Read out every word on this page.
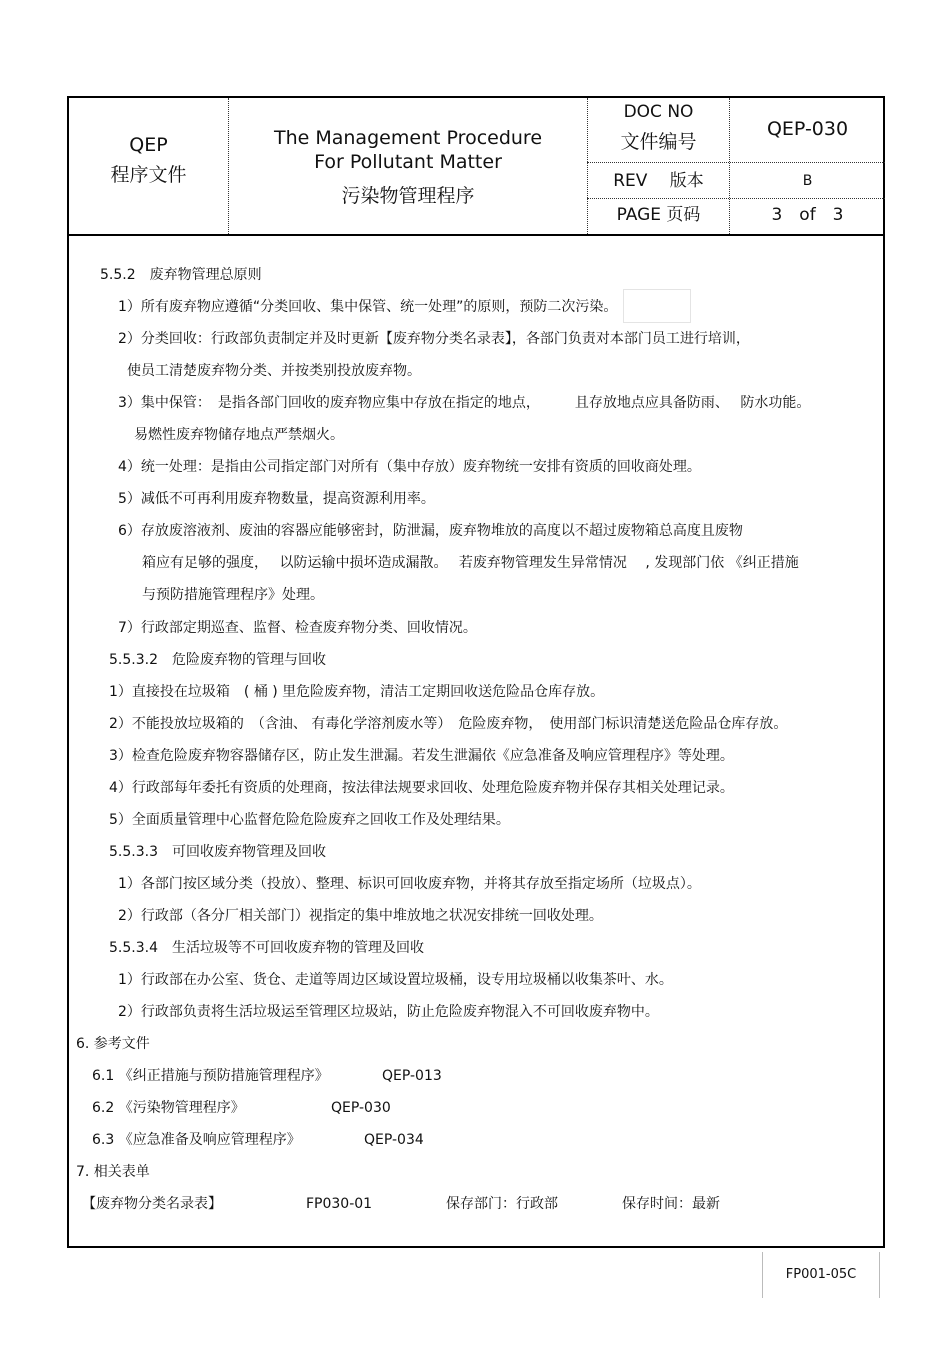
QEP
程序文件
The Management Procedure
For Pollutant Matter
污染物管理程序
DOC NO
文件编号
QEP-030
REV　 版本	B
PAGE 页码	3　of　3
5.5.2　废弃物管理总原则
1）所有废弃物应遵循“分类回收、集中保管、统一处理”的原则，预防二次污染。
2）分类回收：行政部负责制定并及时更新【废弃物分类名录表】，各部门负责对本部门员工进行培训，
使员工清楚废弃物分类、并按类别投放废弃物。
3）集中保管：　是指各部门回收的废弃物应集中存放在指定的地点，　　　且存放地点应具备防雨、　 防水功能。
易燃性废弃物储存地点严禁烟火。
4）统一处理：是指由公司指定部门对所有（集中存放）废弃物统一安排有资质的回收商处理。
5）减低不可再利用废弃物数量，提高资源利用率。
6）存放废溶液剂、废油的容器应能够密封，防泄漏，废弃物堆放的高度以不超过废物箱总高度且废物
箱应有足够的强度，　 以防运输中损坏造成漏散。　 若废弃物管理发生异常情况　 , 发现部门依 《纠正措施
与预防措施管理程序》处理。
7）行政部定期巡查、监督、检查废弃物分类、回收情况。
5.5.3.2　危险废弃物的管理与回收
1）直接投在垃圾箱　( 桶 ) 里危险废弃物，清洁工定期回收送危险品仓库存放。
2）不能投放垃圾箱的　（含油、 有毒化学溶剂废水等）　危险废弃物，　使用部门标识清楚送危险品仓库存放。
3）检查危险废弃物容器储存区，防止发生泄漏。若发生泄漏依《应急准备及响应管理程序》等处理。
4）行政部每年委托有资质的处理商，按法律法规要求回收、处理危险废弃物并保存其相关处理记录。
5）全面质量管理中心监督危险危险废弃之回收工作及处理结果。
5.5.3.3　可回收废弃物管理及回收
1）各部门按区域分类（投放）、整理、标识可回收废弃物，并将其存放至指定场所（垃圾点）。
2）行政部（各分厂相关部门）视指定的集中堆放地之状况安排统一回收处理。
5.5.3.4　生活垃圾等不可回收废弃物的管理及回收
1）行政部在办公室、货仓、走道等周边区域设置垃圾桶，设专用垃圾桶以收集茶叶、水。
2）行政部负责将生活垃圾运至管理区垃圾站，防止危险废弃物混入不可回收废弃物中。
6. 参考文件
6.1 《纠正措施与预防措施管理程序》	QEP-013
6.2 《污染物管理程序》	QEP-030
6.3 《应急准备及响应管理程序》	QEP-034
7. 相关表单
【废弃物分类名录表】	FP030-01	保存部门：行政部	保存时间：最新
FP001-05C
